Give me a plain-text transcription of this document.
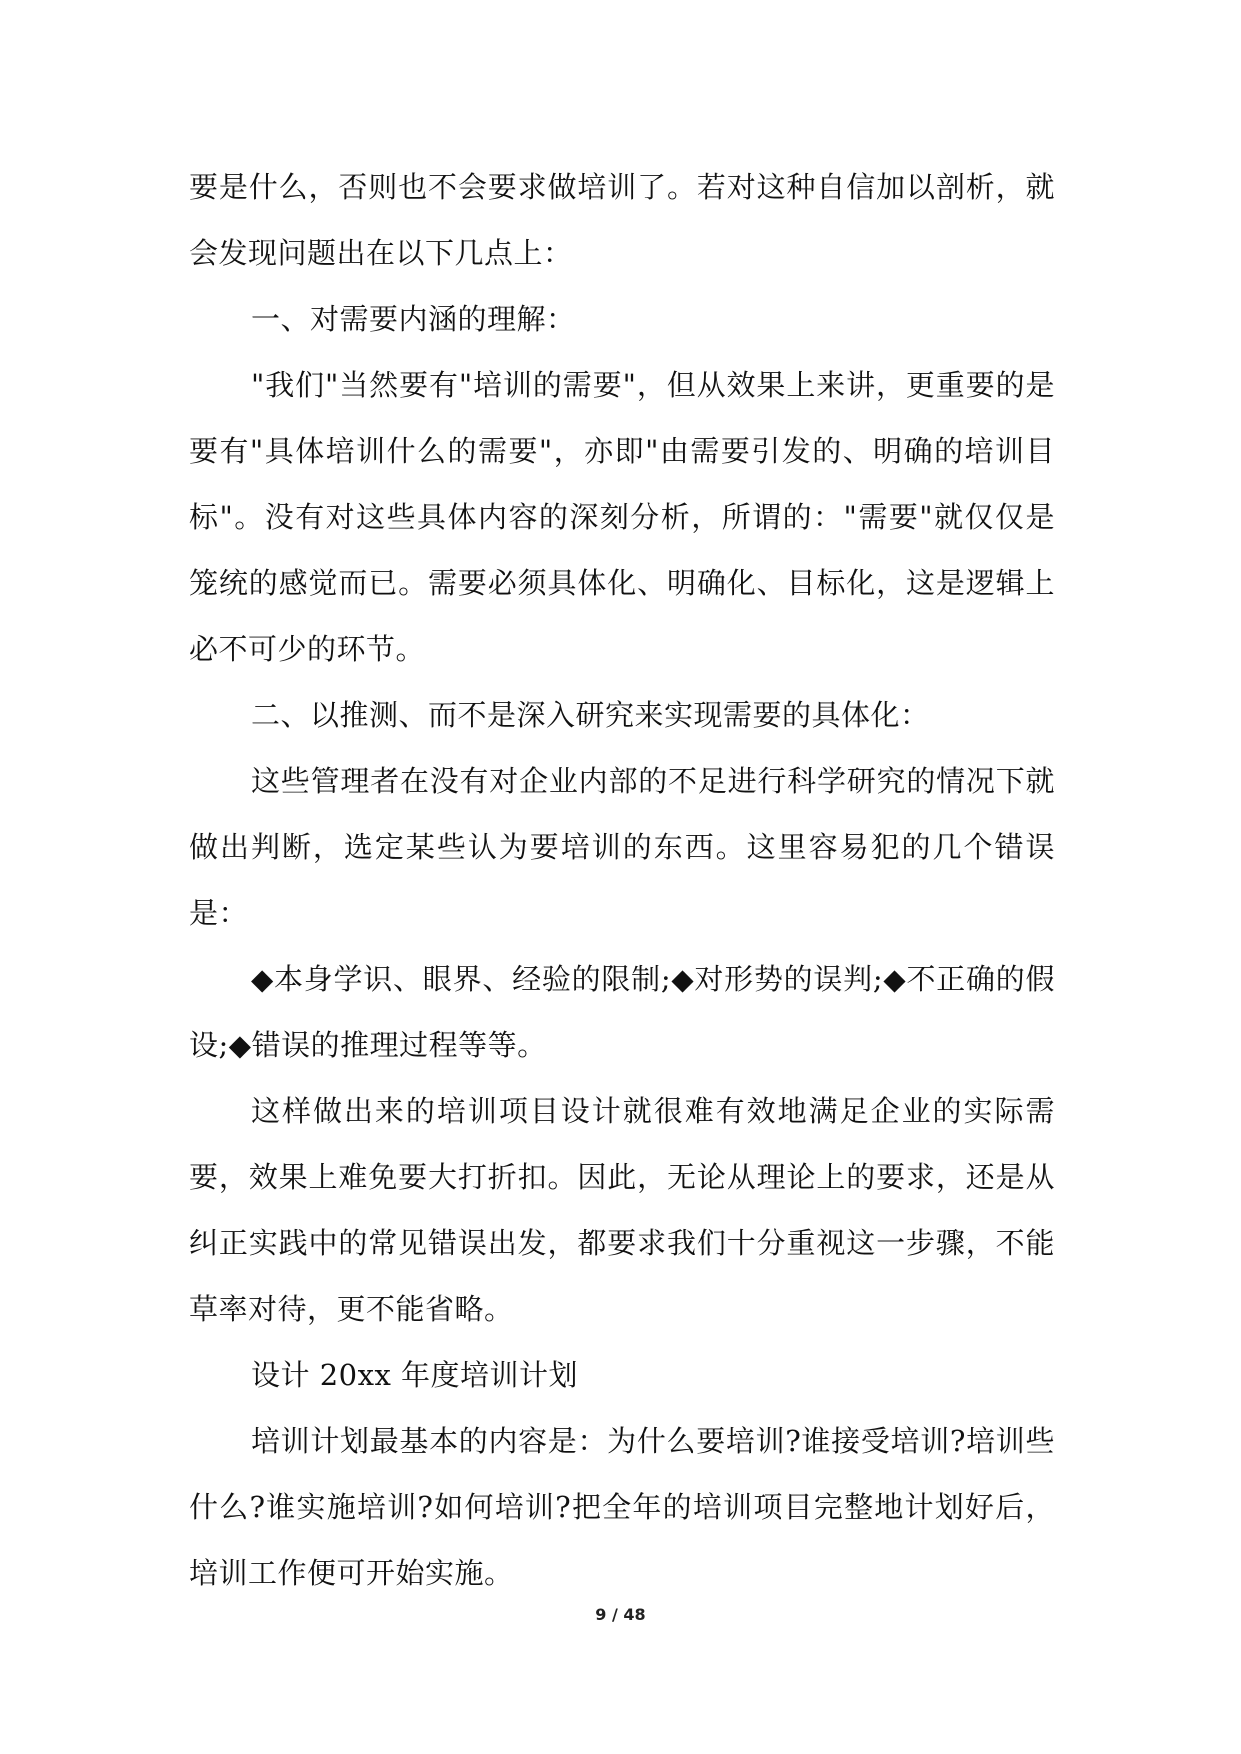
要是什么，否则也不会要求做培训了。若对这种自信加以剖析，就会发现问题出在以下几点上：

一、对需要内涵的理解：

"我们"当然要有"培训的需要"，但从效果上来讲，更重要的是要有"具体培训什么的需要"，亦即"由需要引发的、明确的培训目标"。没有对这些具体内容的深刻分析，所谓的："需要"就仅仅是笼统的感觉而已。需要必须具体化、明确化、目标化，这是逻辑上必不可少的环节。

二、以推测、而不是深入研究来实现需要的具体化：

这些管理者在没有对企业内部的不足进行科学研究的情况下就做出判断，选定某些认为要培训的东西。这里容易犯的几个错误是：

◆本身学识、眼界、经验的限制;◆对形势的误判;◆不正确的假设;◆错误的推理过程等等。

这样做出来的培训项目设计就很难有效地满足企业的实际需要，效果上难免要大打折扣。因此，无论从理论上的要求，还是从纠正实践中的常见错误出发，都要求我们十分重视这一步骤，不能草率对待，更不能省略。

设计 20xx 年度培训计划

培训计划最基本的内容是：为什么要培训?谁接受培训?培训些什么?谁实施培训?如何培训?把全年的培训项目完整地计划好后，培训工作便可开始实施。

9 / 48
